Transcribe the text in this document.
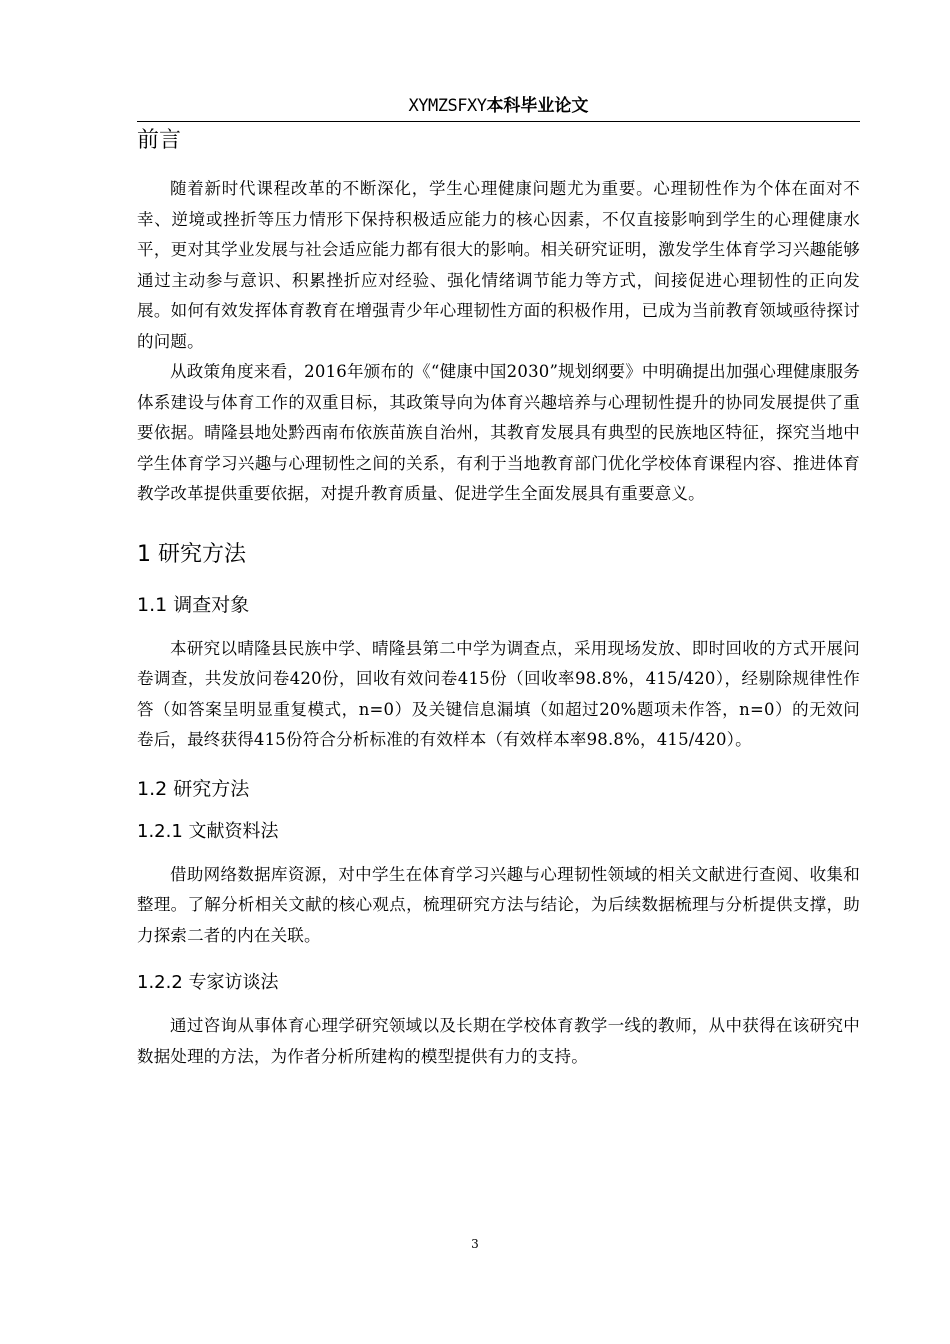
XYMZSFXY本科毕业论文
前言

随着新时代课程改革的不断深化，学生心理健康问题尤为重要。心理韧性作为个体在面对不幸、逆境或挫折等压力情形下保持积极适应能力的核心因素，不仅直接影响到学生的心理健康水平，更对其学业发展与社会适应能力都有很大的影响。相关研究证明，激发学生体育学习兴趣能够通过主动参与意识、积累挫折应对经验、强化情绪调节能力等方式，间接促进心理韧性的正向发展。如何有效发挥体育教育在增强青少年心理韧性方面的积极作用，已成为当前教育领域亟待探讨的问题。

从政策角度来看，2016年颁布的《“健康中国2030”规划纲要》中明确提出加强心理健康服务体系建设与体育工作的双重目标，其政策导向为体育兴趣培养与心理韧性提升的协同发展提供了重要依据。晴隆县地处黔西南布依族苗族自治州，其教育发展具有典型的民族地区特征，探究当地中学生体育学习兴趣与心理韧性之间的关系，有利于当地教育部门优化学校体育课程内容、推进体育教学改革提供重要依据，对提升教育质量、促进学生全面发展具有重要意义。

1 研究方法
1.1 调查对象

本研究以晴隆县民族中学、晴隆县第二中学为调查点，采用现场发放、即时回收的方式开展问卷调查，共发放问卷420份，回收有效问卷415份（回收率98.8%，415/420），经剔除规律性作答（如答案呈明显重复模式，n=0）及关键信息漏填（如超过20%题项未作答，n=0）的无效问卷后，最终获得415份符合分析标准的有效样本（有效样本率98.8%，415/420）。

1.2 研究方法
1.2.1 文献资料法

借助网络数据库资源，对中学生在体育学习兴趣与心理韧性领域的相关文献进行查阅、收集和整理。了解分析相关文献的核心观点，梳理研究方法与结论，为后续数据梳理与分析提供支撑，助力探索二者的内在关联。

1.2.2 专家访谈法

通过咨询从事体育心理学研究领域以及长期在学校体育教学一线的教师，从中获得在该研究中数据处理的方法，为作者分析所建构的模型提供有力的支持。

3
